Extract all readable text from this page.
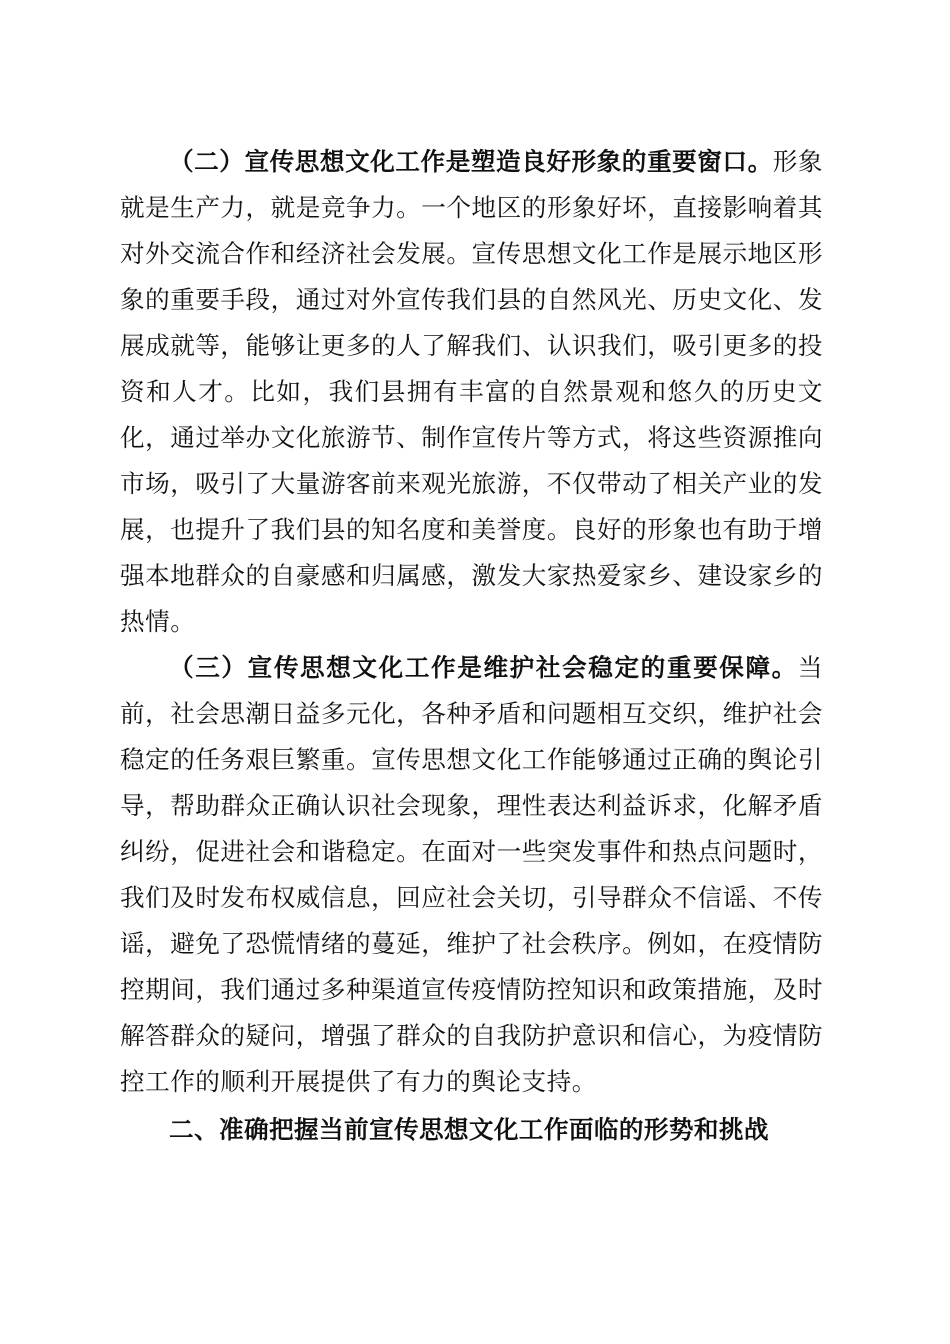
（二）宣传思想文化工作是塑造良好形象的重要窗口。形象就是生产力，就是竞争力。一个地区的形象好坏，直接影响着其对外交流合作和经济社会发展。宣传思想文化工作是展示地区形象的重要手段，通过对外宣传我们县的自然风光、历史文化、发展成就等，能够让更多的人了解我们、认识我们，吸引更多的投资和人才。比如，我们县拥有丰富的自然景观和悠久的历史文化，通过举办文化旅游节、制作宣传片等方式，将这些资源推向市场，吸引了大量游客前来观光旅游，不仅带动了相关产业的发展，也提升了我们县的知名度和美誉度。良好的形象也有助于增强本地群众的自豪感和归属感，激发大家热爱家乡、建设家乡的热情。

（三）宣传思想文化工作是维护社会稳定的重要保障。当前，社会思潮日益多元化，各种矛盾和问题相互交织，维护社会稳定的任务艰巨繁重。宣传思想文化工作能够通过正确的舆论引导，帮助群众正确认识社会现象，理性表达利益诉求，化解矛盾纠纷，促进社会和谐稳定。在面对一些突发事件和热点问题时，我们及时发布权威信息，回应社会关切，引导群众不信谣、不传谣，避免了恐慌情绪的蔓延，维护了社会秩序。例如，在疫情防控期间，我们通过多种渠道宣传疫情防控知识和政策措施，及时解答群众的疑问，增强了群众的自我防护意识和信心，为疫情防控工作的顺利开展提供了有力的舆论支持。

二、准确把握当前宣传思想文化工作面临的形势和挑战
